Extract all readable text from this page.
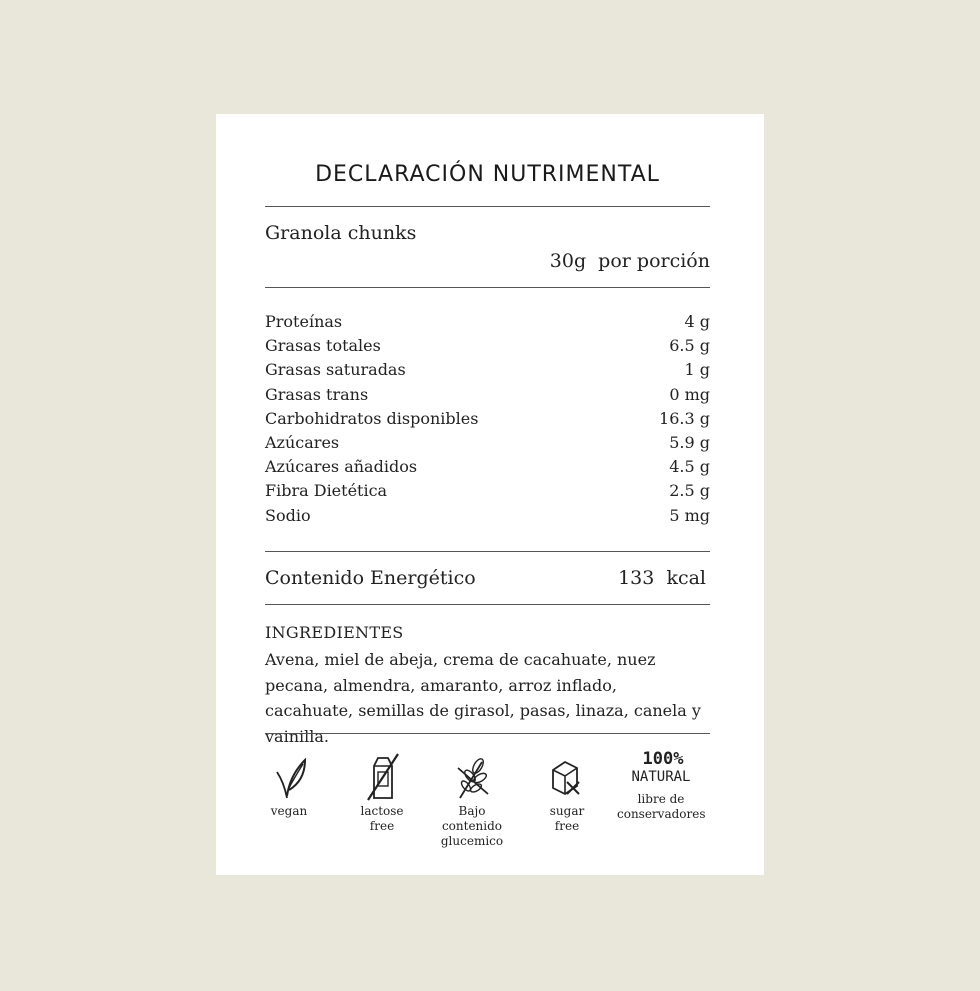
DECLARACIÓN NUTRIMENTAL
Granola chunks
30g  por porción
Proteínas	4 g
Grasas totales	6.5 g
Grasas saturadas	1 g
Grasas trans	0 mg
Carbohidratos disponibles	16.3 g
Azúcares	5.9 g
Azúcares añadidos	4.5 g
Fibra Dietética	2.5 g
Sodio	5 mg
Contenido Energético	133  kcal
INGREDIENTES
Avena, miel de abeja, crema de cacahuate, nuez pecana, almendra, amaranto, arroz inflado, cacahuate, semillas de girasol, pasas, linaza, canela y vainilla.
vegan	lactose free
Bajo
contenido
glucemico
sugar
free
100%
NATURAL
libre de
conservadores
